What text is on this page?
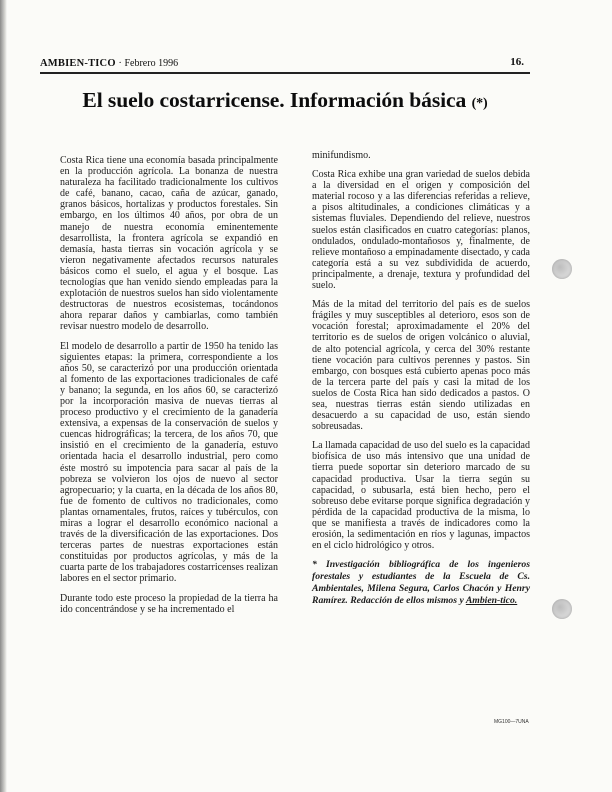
AMBIEN-TICO · Febrero 1996	16.
El suelo costarricense. Información básica (*)

Costa Rica tiene una economía basada principalmente en la producción agrícola. La bonanza de nuestra naturaleza ha facilitado tradicionalmente los cultivos de café, banano, cacao, caña de azúcar, ganado, granos básicos, hortalizas y productos forestales. Sin embargo, en los últimos 40 años, por obra de un manejo de nuestra economía eminentemente desarrollista, la frontera agrícola se expandió en demasía, hasta tierras sin vocación agrícola y se vieron negativamente afectados recursos naturales básicos como el suelo, el agua y el bosque. Las tecnologías que han venido siendo empleadas para la explotación de nuestros suelos han sido violentamente destructoras de nuestros ecosistemas, tocándonos ahora reparar daños y cambiarlas, como también revisar nuestro modelo de desarrollo.

El modelo de desarrollo a partir de 1950 ha tenido las siguientes etapas: la primera, correspondiente a los años 50, se caracterizó por una producción orientada al fomento de las exportaciones tradicionales de café y banano; la segunda, en los años 60, se caracterizó por la incorporación masiva de nuevas tierras al proceso productivo y el crecimiento de la ganadería extensiva, a expensas de la conservación de suelos y cuencas hidrográficas; la tercera, de los años 70, que insistió en el crecimiento de la ganadería, estuvo orientada hacia el desarrollo industrial, pero como éste mostró su impotencia para sacar al país de la pobreza se volvieron los ojos de nuevo al sector agropecuario; y la cuarta, en la década de los años 80, fue de fomento de cultivos no tradicionales, como plantas ornamentales, frutos, raíces y tubérculos, con miras a lograr el desarrollo económico nacional a través de la diversificación de las exportaciones. Dos terceras partes de nuestras exportaciones están constituidas por productos agrícolas, y más de la cuarta parte de los trabajadores costarricenses realizan labores en el sector primario.

Durante todo este proceso la propiedad de la tierra ha ido concentrándose y se ha incrementado el

minifundismo.

Costa Rica exhibe una gran variedad de suelos debida a la diversidad en el origen y composición del material rocoso y a las diferencias referidas a relieve, a pisos altitudinales, a condiciones climáticas y a sistemas fluviales. Dependiendo del relieve, nuestros suelos están clasificados en cuatro categorías: planos, ondulados, ondulado-montañosos y, finalmente, de relieve montañoso a empinadamente disectado, y cada categoría está a su vez subdividida de acuerdo, principalmente, a drenaje, textura y profundidad del suelo.

Más de la mitad del territorio del país es de suelos frágiles y muy susceptibles al deterioro, esos son de vocación forestal; aproximadamente el 20% del territorio es de suelos de origen volcánico o aluvial, de alto potencial agrícola, y cerca del 30% restante tiene vocación para cultivos perennes y pastos. Sin embargo, con bosques está cubierto apenas poco más de la tercera parte del país y casi la mitad de los suelos de Costa Rica han sido dedicados a pastos. O sea, nuestras tierras están siendo utilizadas en desacuerdo a su capacidad de uso, están siendo sobreusadas.

La llamada capacidad de uso del suelo es la capacidad biofísica de uso más intensivo que una unidad de tierra puede soportar sin deterioro marcado de su capacidad productiva. Usar la tierra según su capacidad, o subusarla, está bien hecho, pero el sobreuso debe evitarse porque significa degradación y pérdida de la capacidad productiva de la misma, lo que se manifiesta a través de indicadores como la erosión, la sedimentación en ríos y lagunas, impactos en el ciclo hidrológico y otros.

* Investigación bibliográfica de los ingenieros forestales y estudiantes de la Escuela de Cs. Ambientales, Milena Segura, Carlos Chacón y Henry Ramírez. Redacción de ellos mismos y Ambien-tico.

MG100—7UNA
